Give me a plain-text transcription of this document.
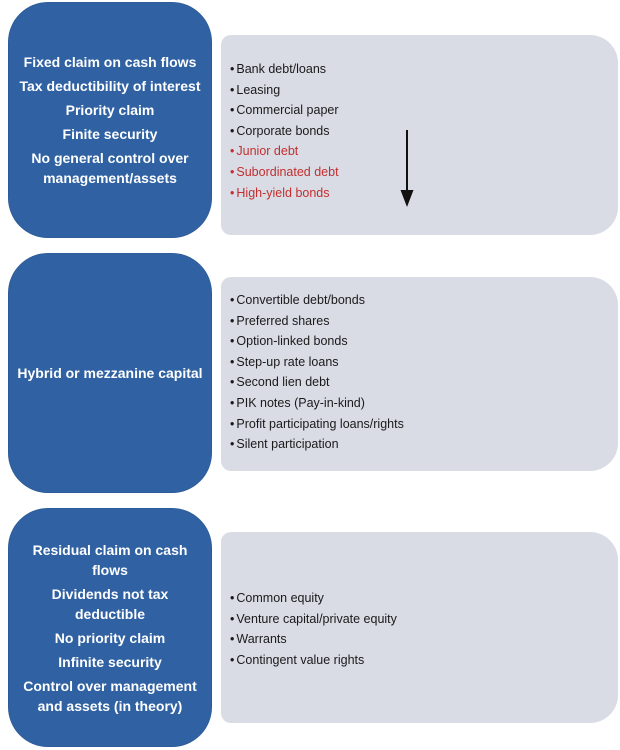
Fixed claim on cash flows
Tax deductibility of interest
Priority claim
Finite security
No general control over management/assets
• Bank debt/loans
• Leasing
• Commercial paper
• Corporate bonds
• Junior debt
• Subordinated debt
• High-yield bonds
Hybrid or mezzanine capital
• Convertible debt/bonds
• Preferred shares
• Option-linked bonds
• Step-up rate loans
• Second lien debt
• PIK notes (Pay-in-kind)
• Profit participating loans/rights
• Silent participation
Residual claim on cash flows
Dividends not tax deductible
No priority claim
Infinite security
Control over management and assets (in theory)
• Common equity
• Venture capital/private equity
• Warrants
• Contingent value rights
